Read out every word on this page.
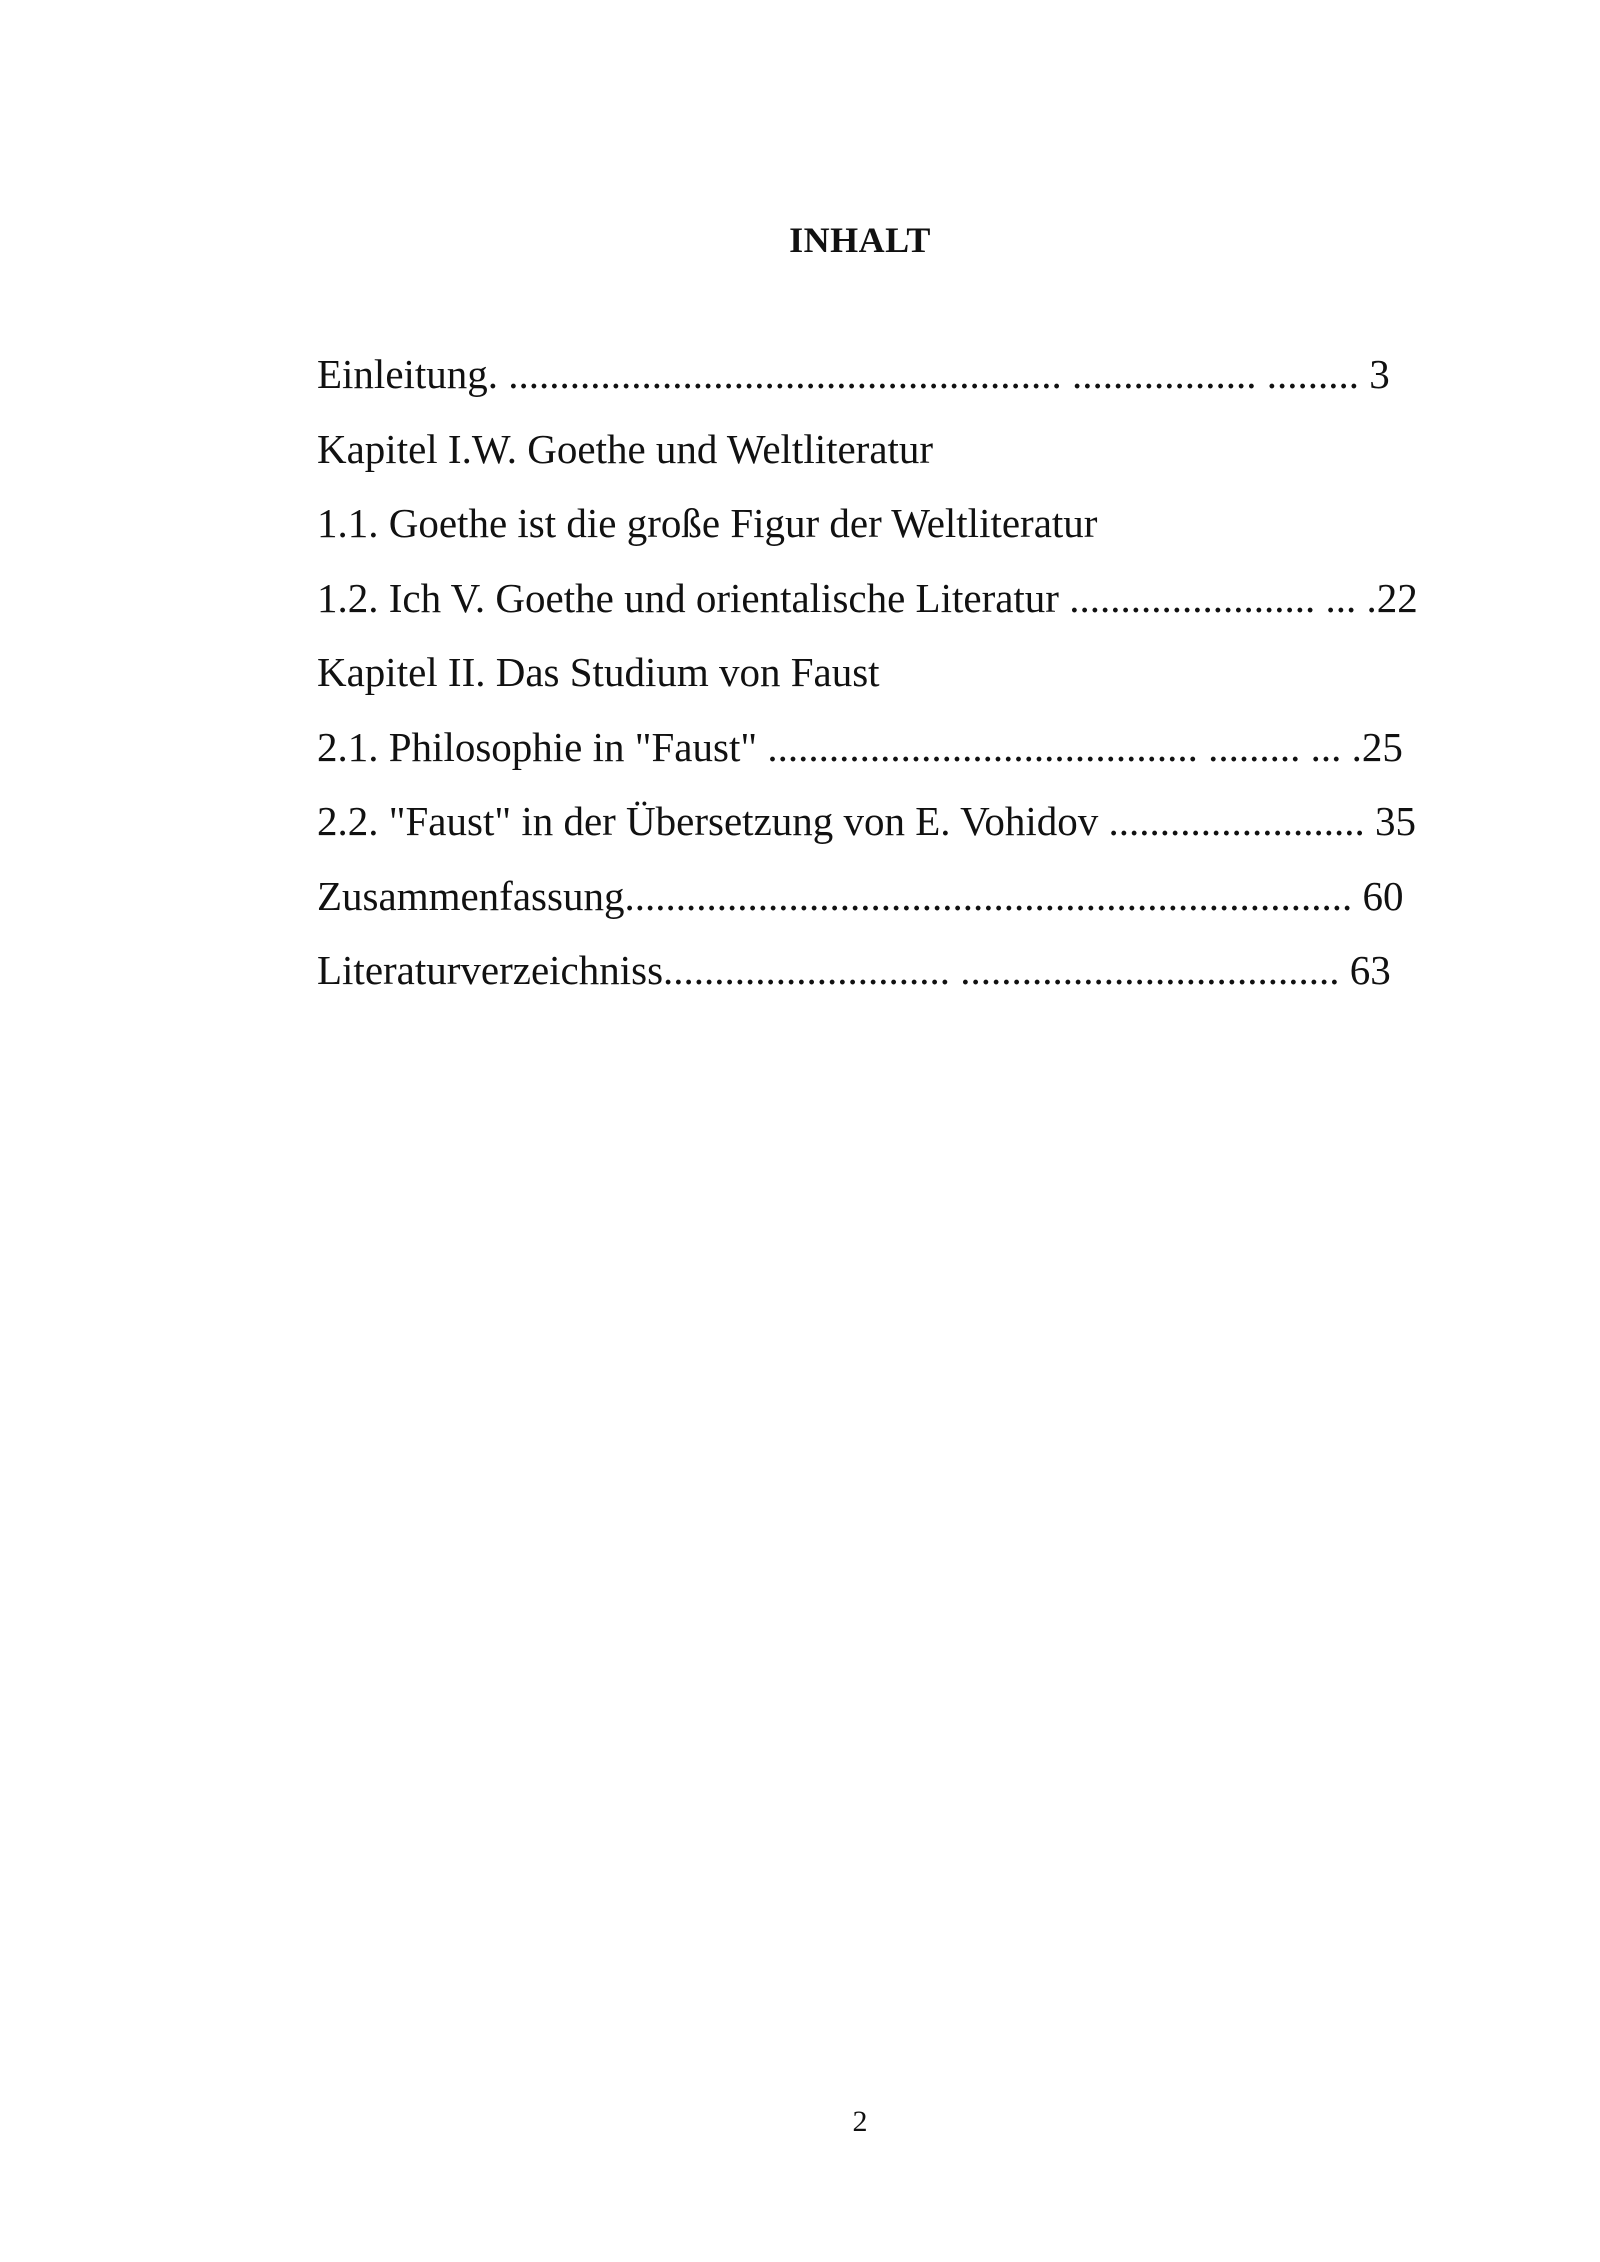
INHALT
Einleitung. ...................................................... .................. ......... 3
Kapitel I.W. Goethe und Weltliteratur
1.1. Goethe ist die große Figur der Weltliteratur
1.2. Ich V. Goethe und orientalische Literatur ........................ ... .22
Kapitel II. Das Studium von Faust
2.1. Philosophie in "Faust" .......................................... ......... ... .25
2.2. "Faust" in der Übersetzung von E. Vohidov ......................... 35
Zusammenfassung....................................................................... 60
Literaturverzeichniss............................ ..................................... 63
2
